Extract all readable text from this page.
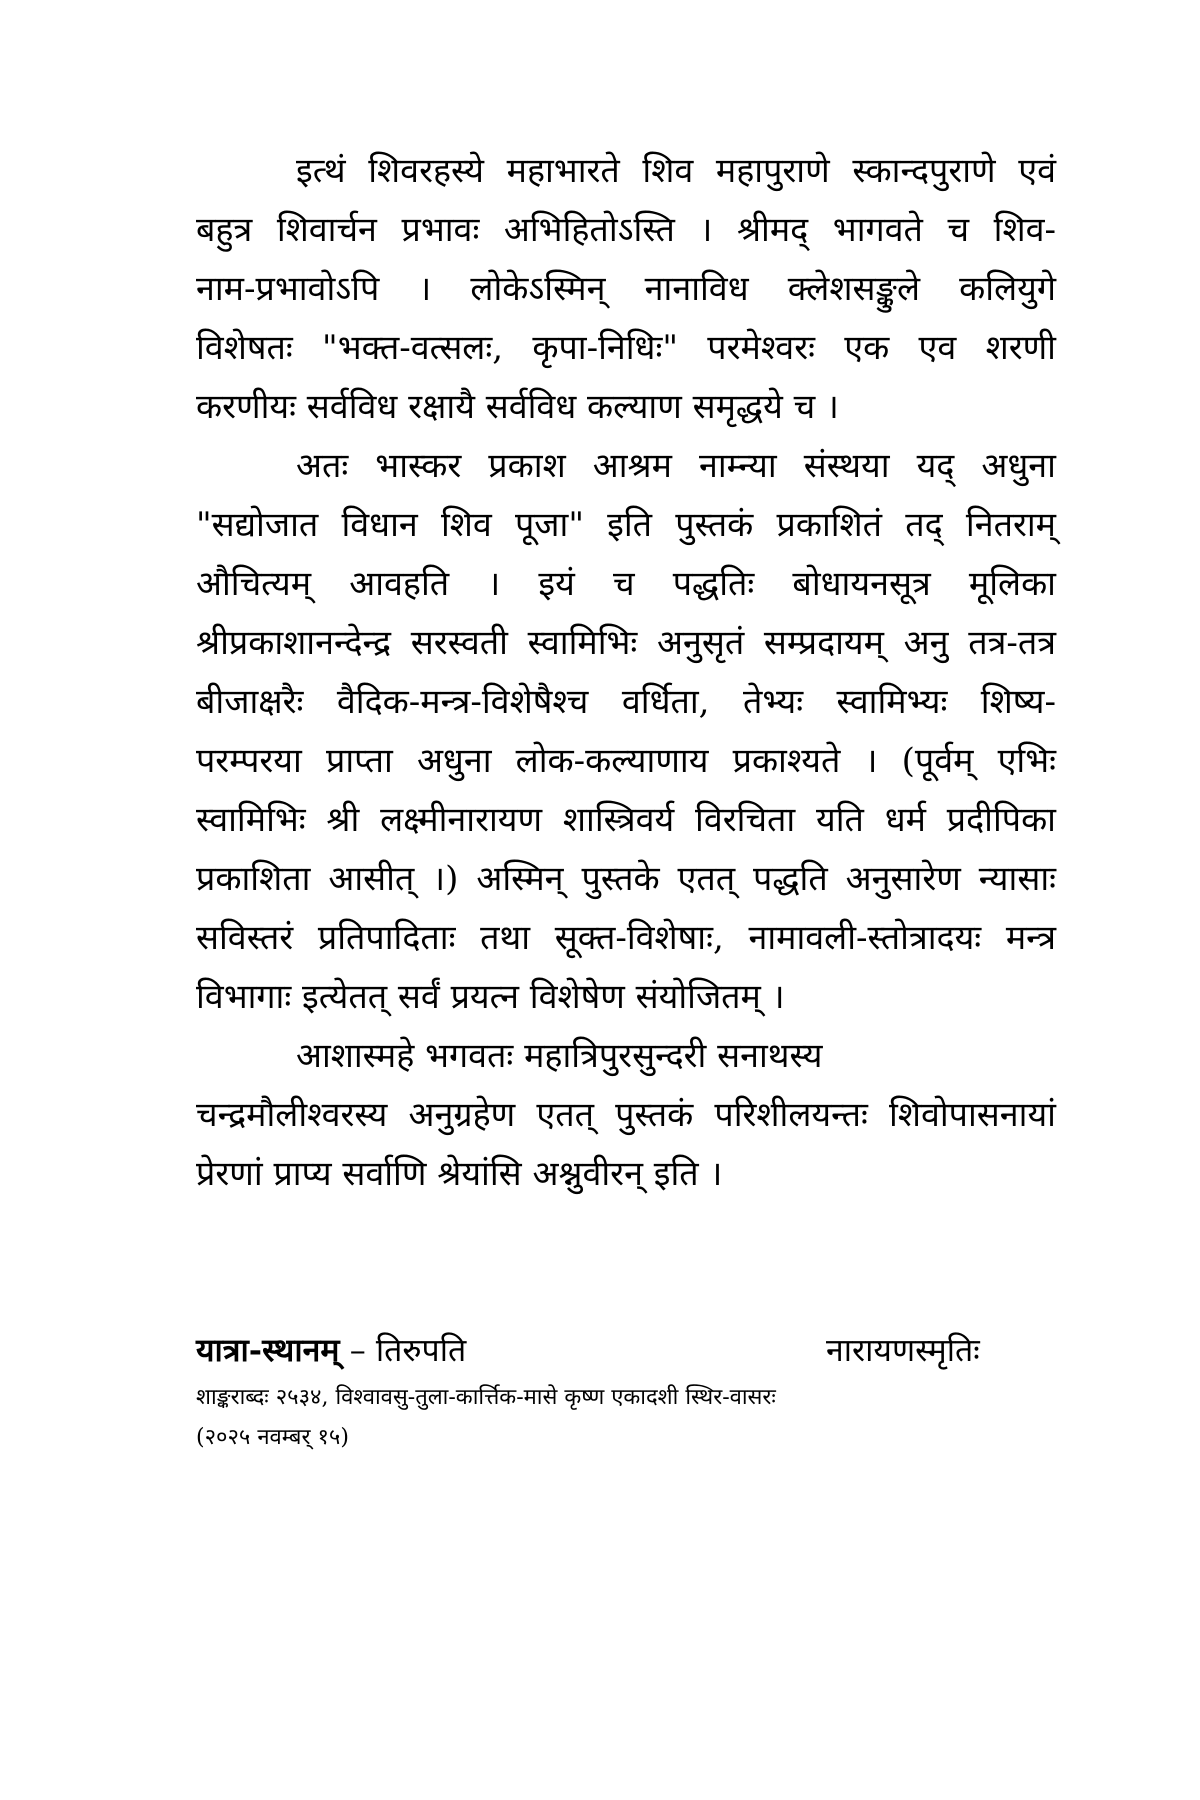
इत्थं शिवरहस्ये महाभारते शिव महापुराणे स्कान्दपुराणे एवं
बहुत्र शिवार्चन प्रभावः अभिहितोऽस्ति । श्रीमद् भागवते च शिव-
नाम-प्रभावोऽपि । लोकेऽस्मिन् नानाविध क्लेशसङ्कुले कलियुगे
विशेषतः "भक्त-वत्सलः, कृपा-निधिः" परमेश्वरः एक एव शरणी
करणीयः सर्वविध रक्षायै सर्वविध कल्याण समृद्धये च ।
अतः भास्कर प्रकाश आश्रम नाम्न्या संस्थया यद् अधुना
"सद्योजात विधान शिव पूजा" इति पुस्तकं प्रकाशितं तद् नितराम्
औचित्यम् आवहति । इयं च पद्धतिः बोधायनसूत्र मूलिका
श्रीप्रकाशानन्देन्द्र सरस्वती स्वामिभिः अनुसृतं सम्प्रदायम् अनु तत्र-तत्र
बीजाक्षरैः वैदिक-मन्त्र-विशेषैश्च वर्धिता, तेभ्यः स्वामिभ्यः शिष्य-
परम्परया प्राप्ता अधुना लोक-कल्याणाय प्रकाश्यते । (पूर्वम् एभिः
स्वामिभिः श्री लक्ष्मीनारायण शास्त्रिवर्य विरचिता यति धर्म प्रदीपिका
प्रकाशिता आसीत् ।) अस्मिन् पुस्तके एतत् पद्धति अनुसारेण न्यासाः
सविस्तरं प्रतिपादिताः तथा सूक्त-विशेषाः, नामावली-स्तोत्रादयः मन्त्र
विभागाः इत्येतत् सर्वं प्रयत्न विशेषेण संयोजितम् ।
आशास्महे भगवतः महात्रिपुरसुन्दरी सनाथस्य
चन्द्रमौलीश्वरस्य अनुग्रहेण एतत् पुस्तकं परिशीलयन्तः शिवोपासनायां
प्रेरणां प्राप्य सर्वाणि श्रेयांसि अश्नुवीरन् इति ।
यात्रा-स्थानम् – तिरुपति	नारायणस्मृतिः
शाङ्कराब्दः २५३४, विश्वावसु-तुला-कार्त्तिक-मासे कृष्ण एकादशी स्थिर-वासरः
(२०२५ नवम्बर् १५)
